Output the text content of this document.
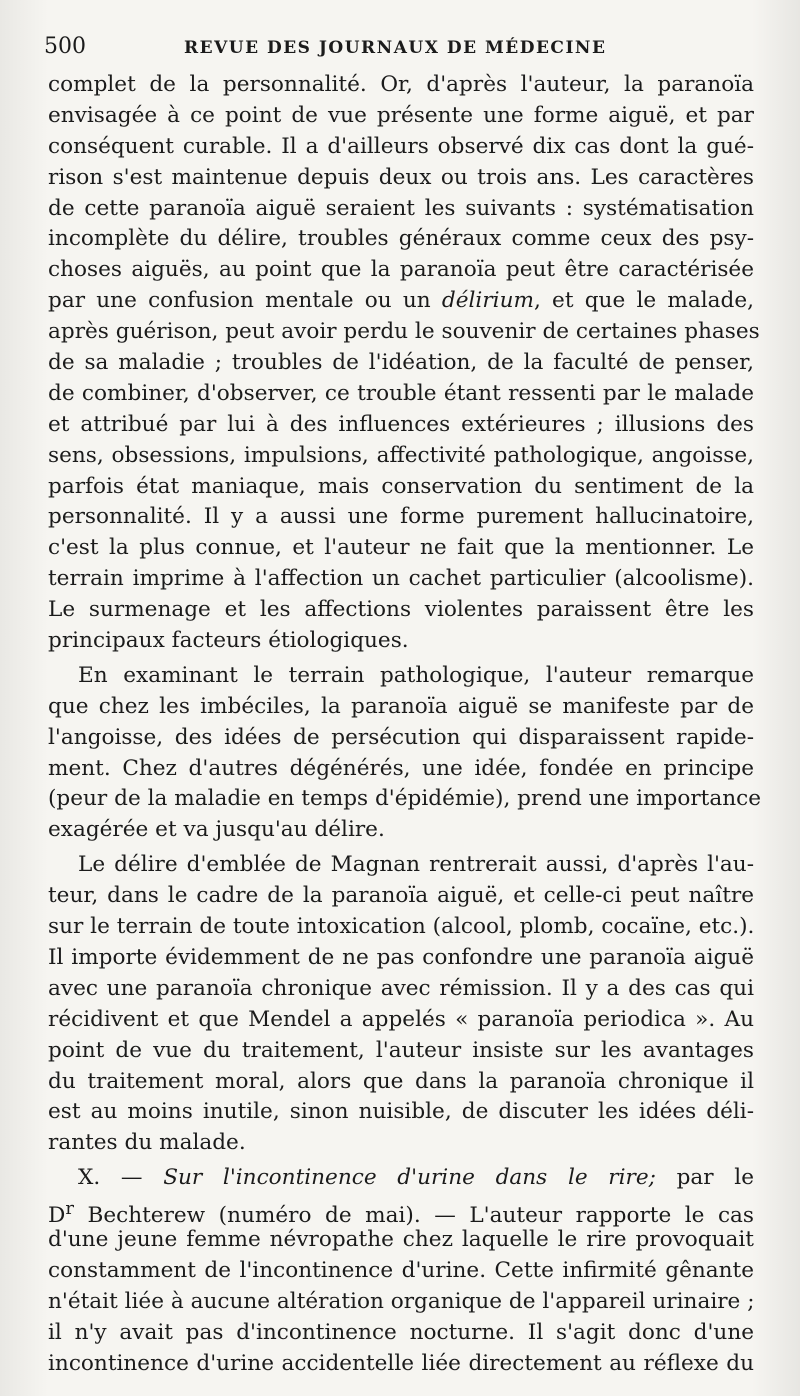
500	REVUE DES JOURNAUX DE MÉDECINE
complet de la personnalité. Or, d'après l'auteur, la paranoïa
envisagée à ce point de vue présente une forme aiguë, et par
conséquent curable. Il a d'ailleurs observé dix cas dont la gué-
rison s'est maintenue depuis deux ou trois ans. Les caractères
de cette paranoïa aiguë seraient les suivants : systématisation
incomplète du délire, troubles généraux comme ceux des psy-
choses aiguës, au point que la paranoïa peut être caractérisée
par une confusion mentale ou un délirium, et que le malade,
après guérison, peut avoir perdu le souvenir de certaines phases
de sa maladie ; troubles de l'idéation, de la faculté de penser,
de combiner, d'observer, ce trouble étant ressenti par le malade
et attribué par lui à des influences extérieures ; illusions des
sens, obsessions, impulsions, affectivité pathologique, angoisse,
parfois état maniaque, mais conservation du sentiment de la
personnalité. Il y a aussi une forme purement hallucinatoire,
c'est la plus connue, et l'auteur ne fait que la mentionner. Le
terrain imprime à l'affection un cachet particulier (alcoolisme).
Le surmenage et les affections violentes paraissent être les
principaux facteurs étiologiques.
En examinant le terrain pathologique, l'auteur remarque
que chez les imbéciles, la paranoïa aiguë se manifeste par de
l'angoisse, des idées de persécution qui disparaissent rapide-
ment. Chez d'autres dégénérés, une idée, fondée en principe
(peur de la maladie en temps d'épidémie), prend une importance
exagérée et va jusqu'au délire.
Le délire d'emblée de Magnan rentrerait aussi, d'après l'au-
teur, dans le cadre de la paranoïa aiguë, et celle-ci peut naître
sur le terrain de toute intoxication (alcool, plomb, cocaïne, etc.).
Il importe évidemment de ne pas confondre une paranoïa aiguë
avec une paranoïa chronique avec rémission. Il y a des cas qui
récidivent et que Mendel a appelés « paranoïa periodica ». Au
point de vue du traitement, l'auteur insiste sur les avantages
du traitement moral, alors que dans la paranoïa chronique il
est au moins inutile, sinon nuisible, de discuter les idées déli-
rantes du malade.
X. — Sur l'incontinence d'urine dans le rire; par le
$D^r$ Bechterew (numéro de mai). — L'auteur rapporte le cas
d'une jeune femme névropathe chez laquelle le rire provoquait
constamment de l'incontinence d'urine. Cette infirmité gênante
n'était liée à aucune altération organique de l'appareil urinaire ;
il n'y avait pas d'incontinence nocturne. Il s'agit donc d'une
incontinence d'urine accidentelle liée directement au réflexe du
